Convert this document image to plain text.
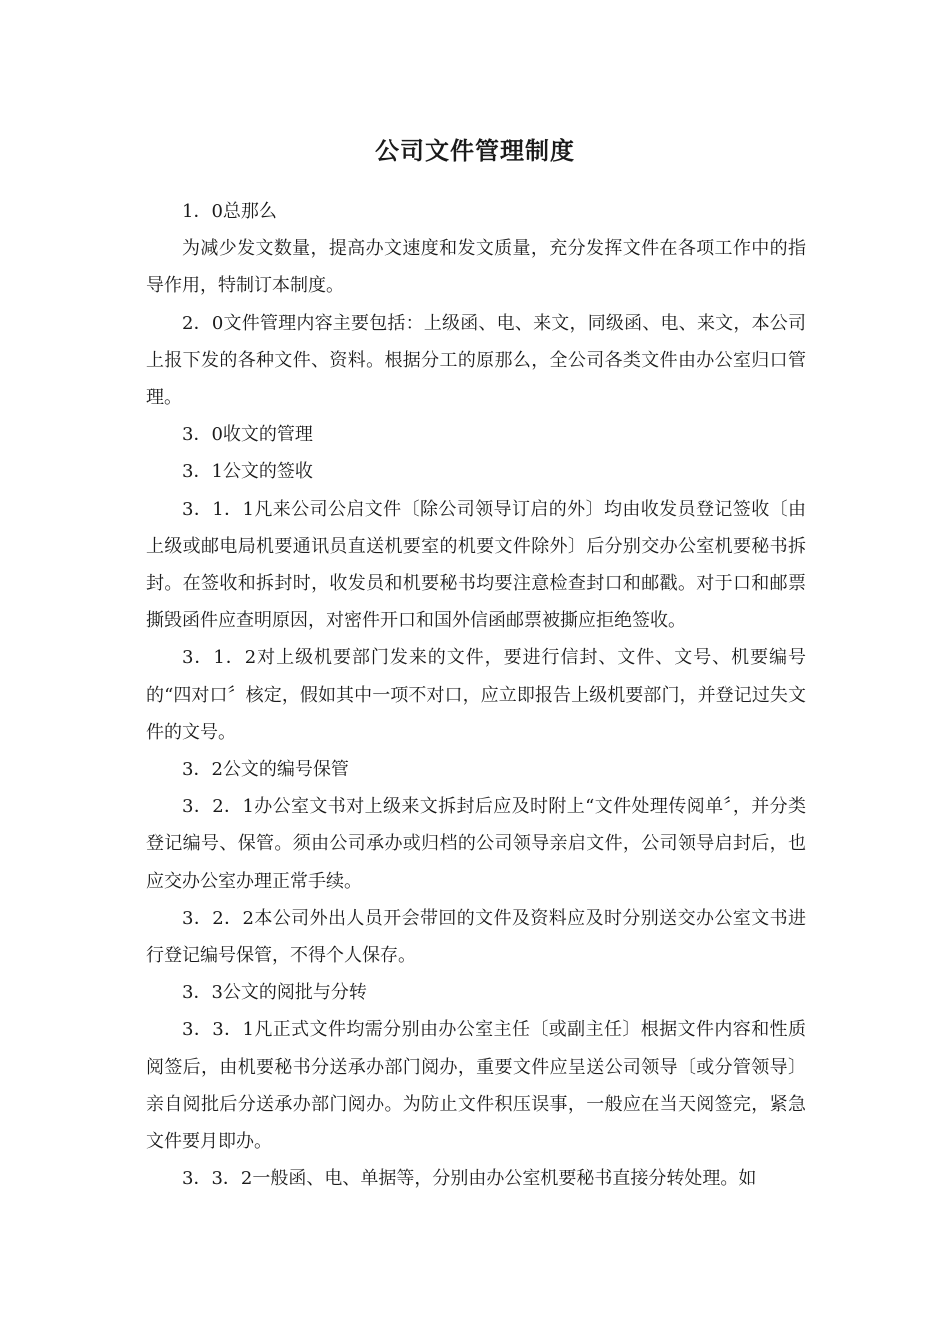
公司文件管理制度

1．0总那么

为减少发文数量，提高办文速度和发文质量，充分发挥文件在各项工作中的指导作用，特制订本制度。

2．0文件管理内容主要包括：上级函、电、来文，同级函、电、来文，本公司上报下发的各种文件、资料。根据分工的原那么，全公司各类文件由办公室归口管理。

3．0收文的管理

3．1公文的签收

3．1．1凡来公司公启文件〔除公司领导订启的外〕均由收发员登记签收〔由上级或邮电局机要通讯员直送机要室的机要文件除外〕后分别交办公室机要秘书拆封。在签收和拆封时，收发员和机要秘书均要注意检查封口和邮戳。对于口和邮票撕毁函件应查明原因，对密件开口和国外信函邮票被撕应拒绝签收。

3．1．2对上级机要部门发来的文件，要进行信封、文件、文号、机要编号的“四对口〞核定，假如其中一项不对口，应立即报告上级机要部门，并登记过失文件的文号。

3．2公文的编号保管

3．2．1办公室文书对上级来文拆封后应及时附上“文件处理传阅单〞，并分类登记编号、保管。须由公司承办或归档的公司领导亲启文件，公司领导启封后，也应交办公室办理正常手续。

3．2．2本公司外出人员开会带回的文件及资料应及时分别送交办公室文书进行登记编号保管，不得个人保存。

3．3公文的阅批与分转

3．3．1凡正式文件均需分别由办公室主任〔或副主任〕根据文件内容和性质阅签后，由机要秘书分送承办部门阅办，重要文件应呈送公司领导〔或分管领导〕亲自阅批后分送承办部门阅办。为防止文件积压误事，一般应在当天阅签完，紧急文件要月即办。

3．3．2一般函、电、单据等，分别由办公室机要秘书直接分转处理。如
